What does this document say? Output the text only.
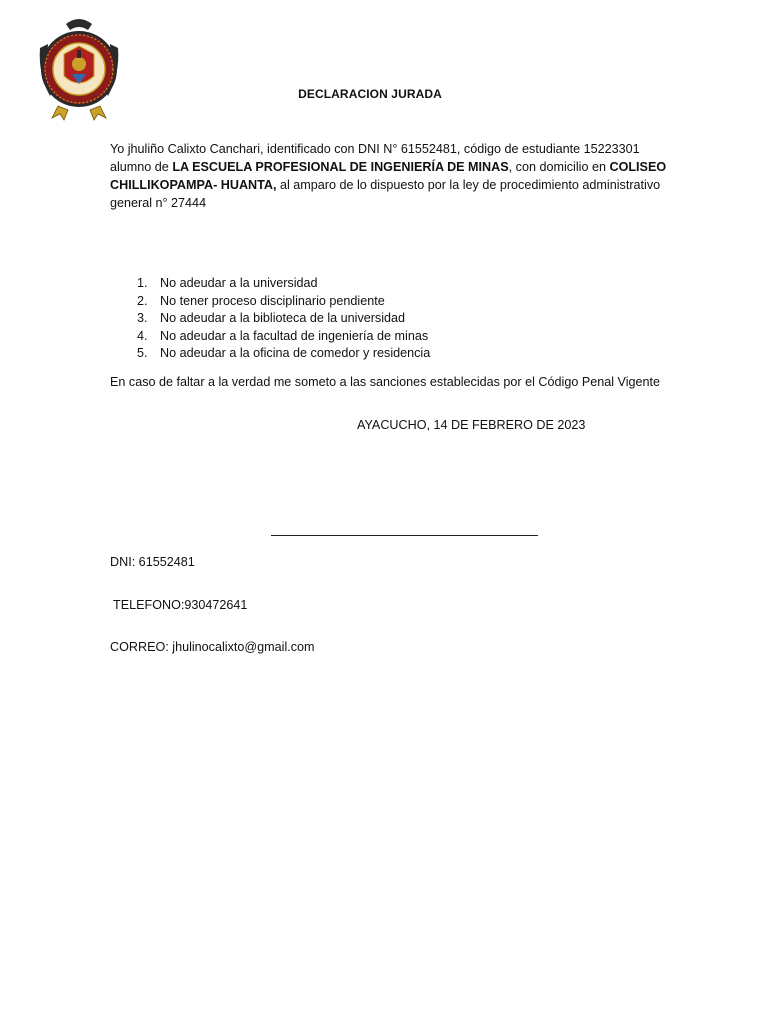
DECLARACION JURADA
Yo jhuliño Calixto Canchari, identificado con DNI N° 61552481, código de estudiante 15223301 alumno de LA ESCUELA PROFESIONAL DE INGENIERÍA DE MINAS, con domicilio en COLISEO CHILLIKOPAMPA- HUANTA, al amparo de lo dispuesto por la ley de procedimiento administrativo general n° 27444
1. No adeudar a la universidad
2. No tener proceso disciplinario pendiente
3. No adeudar a la biblioteca de la universidad
4. No adeudar a la facultad de ingeniería de minas
5. No adeudar a la oficina de comedor y residencia
En caso de faltar a la verdad me someto a las sanciones establecidas por el Código Penal Vigente
AYACUCHO, 14 DE FEBRERO DE 2023
DNI: 61552481
TELEFONO:930472641
CORREO: jhulinocalixto@gmail.com
